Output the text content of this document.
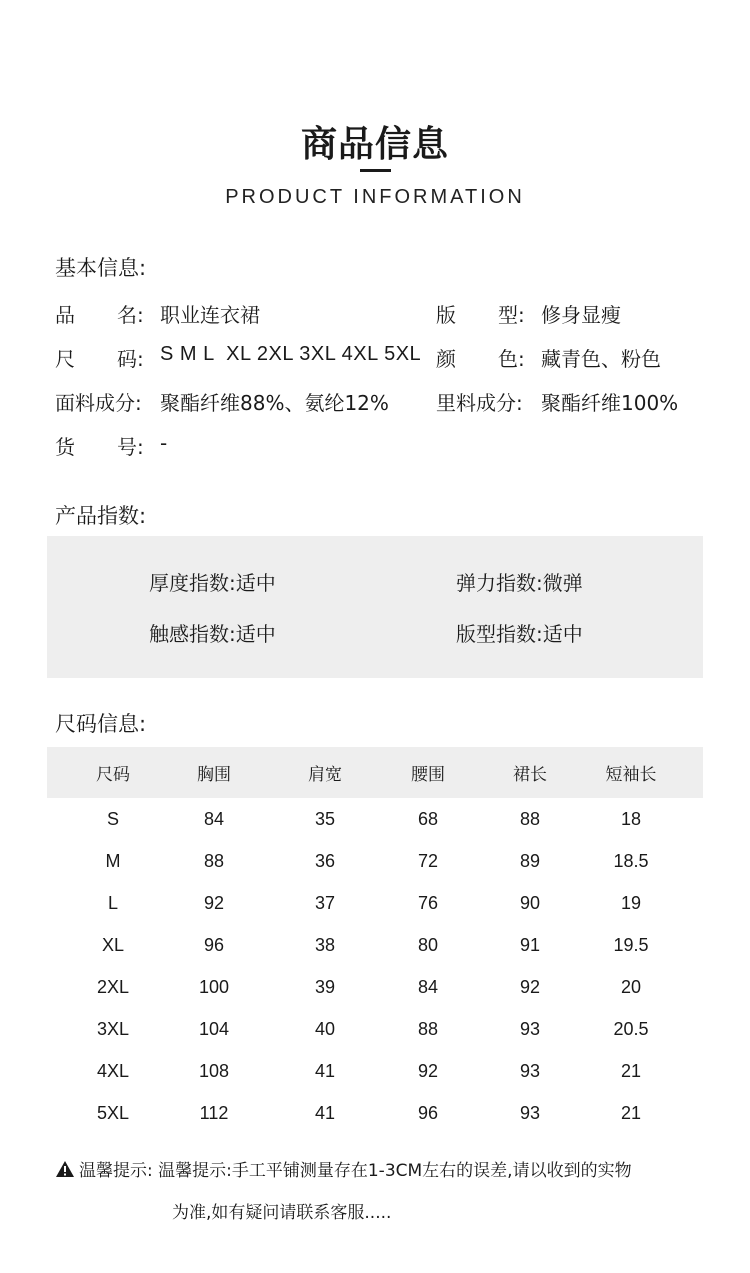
商品信息
PRODUCT INFORMATION
基本信息:
品 名: 职业连衣裙	版 型: 修身显瘦
尺 码: S M L  XL 2XL 3XL 4XL 5XL 颜 色: 藏青色、粉色
面料成分: 聚酯纤维88%、氨纶12% 里料成分: 聚酯纤维100%
货 号: -
产品指数:
厚度指数:适中	弹力指数:微弹
触感指数:适中	版型指数:适中
尺码信息:
尺码	胸围	肩宽	腰围	裙长	短袖长
S	84	35	68	88	18
M	88	36	72	89	18.5
L	92	37	76	90	19
XL	96	38	80	91	19.5
2XL	100	39	84	92	20
3XL	104	40	88	93	20.5
4XL	108	41	92	93	21
5XL	112	41	96	93	21
温馨提示: 温馨提示:手工平铺测量存在1-3CM左右的误差,请以收到的实物
为准,如有疑问请联系客服.....
